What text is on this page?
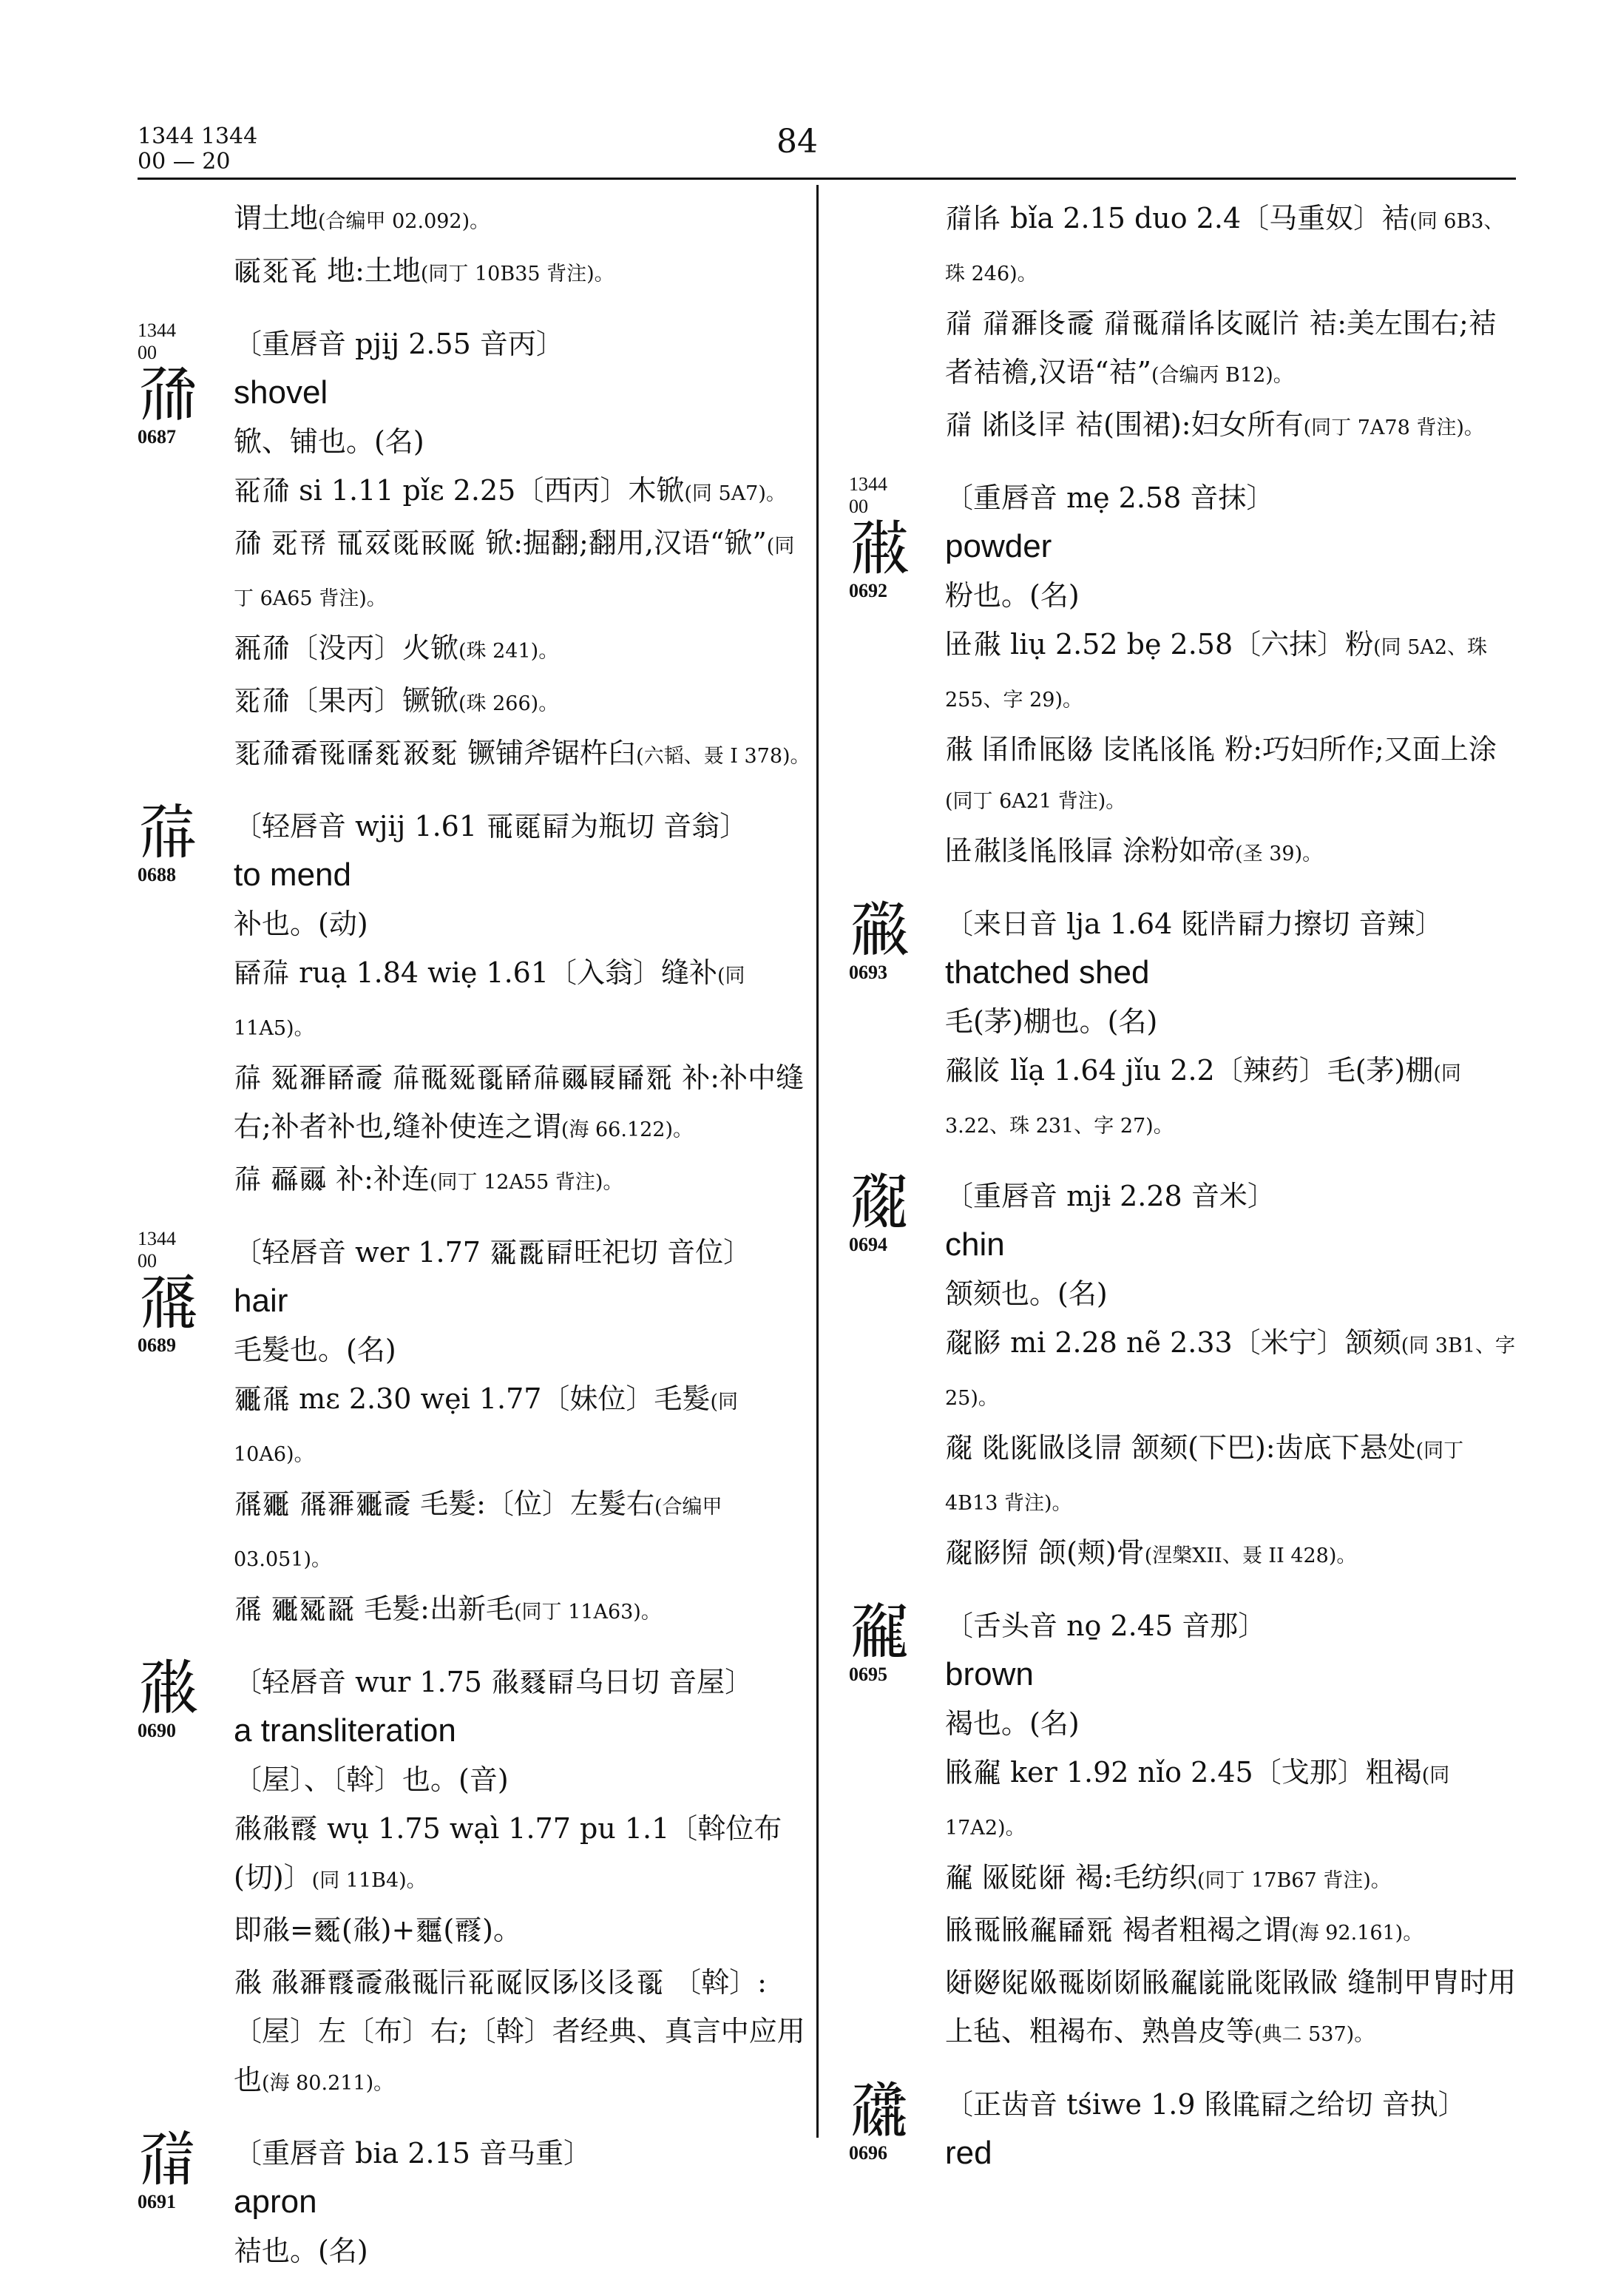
1344 1344
00 — 20
84
谓土地(合编甲 02.092)。
𗀅𗀆𗀇 地:土地(同丁 10B35 背注)。
1344
00
𗗙
0687
〔重唇音 pjịj 2.55 音丙〕
shovel
锨、铺也。(名)
𗀈𗗙 si 1.11 pǐɛ 2.25〔西丙〕木锨(同 5A7)。
𗗙 𗀉𗀊 𗀋𗀌𗀍𗀎𗀏 锨:掘翻;翻用,汉语“锨”(同丁 6A65 背注)。
𗀐𗗙〔没丙〕火锨(珠 241)。
𗀑𗗙〔果丙〕镢锨(珠 266)。
𗀒𗗙𗀓𗀔𗀕𗀖𗀗𗀘 镢铺斧锯杵臼(六韬、聂 I 378)。
𗗚
0688
〔轻唇音 wjij 1.61 𗀙𗀚𗀛为瓶切 音翁〕
to mend
补也。(动)
𗀜𗗚 ruạ 1.84 wiẹ 1.61〔入翁〕缝补(同 11A5)。
𗗚 𗀝𗀞𗀜𗀟 𗗚𗀠𗀝𗀡𗀜𗗚𗀢𗀣𗀤𗀥 补:补中缝右;补者补也,缝补使连之谓(海 66.122)。
𗗚 𗀦𗀢 补:补连(同丁 12A55 背注)。
1344
00
𗗛
0689
〔轻唇音 wer 1.77 𗀧𗀨𗀛旺祀切 音位〕
hair
毛髮也。(名)
𗀩𗗛 mɛ 2.30 wẹi 1.77〔妹位〕毛髮(同 10A6)。
𗗛𗀩 𗗛𗀞𗀩𗀟 毛髮:〔位〕左髮右(合编甲 03.051)。
𗗛 𗀩𗀪𗀫 毛髮:出新毛(同丁 11A63)。
𗗜
0690
〔轻唇音 wur 1.75 𗗜𗀬𗀛乌日切 音屋〕
a transliteration
〔屋〕、〔斡〕也。(音)
𗗜𗗜𗀭 wụ 1.75 wạì 1.77 pu 1.1〔斡位布(切)〕(同 11B4)。
即𗗜=𗀮(𗗜)+𗀯(𗀭)。
𗗜 𗗜𗀞𗀭𗀟𗗜𗀠𗀰𗀈𗀏𗀱𗀲𗀳𗀴𗀡 〔斡〕:〔屋〕左〔布〕右;〔斡〕者经典、真言中应用也(海 80.211)。
𗗝
0691
〔重唇音 bia 2.15 音马重〕
apron
袺也。(名)
𗗝𗀵 bǐa 2.15 duo 2.4〔马重奴〕袺(同 6B3、珠 246)。
𗗝 𗗝𗀞𗀶𗀟 𗗝𗀠𗗝𗀵𗀷𗀏𗀸 袺:美左围右;袺者袺襜,汉语“袺”(合编丙 B12)。
𗗝 𗀹𗀺𗀻 袺(围裙):妇女所有(同丁 7A78 背注)。
1344
00
𗗞
0692
〔重唇音 mẹ 2.58 音抹〕
powder
粉也。(名)
𗀼𗗞 liụ 2.52 bẹ 2.58〔六抹〕粉(同 5A2、珠 255、字 29)。
𗗞 𗀽𗀾𗀿𗁀 𗁁𗁂𗁃𗁄 粉:巧妇所作;又面上涂(同丁 6A21 背注)。
𗀼𗗞𗁅𗁄𗁆𗁇 涂粉如帝(圣 39)。
𗗟
0693
〔来日音 lja 1.64 𗁈𗁉𗀛力擦切 音辣〕
thatched shed
毛(茅)棚也。(名)
𗗟𗁊 lǐạ 1.64 jǐu 2.2〔辣药〕毛(茅)棚(同 3.22、珠 231、字 27)。
𗗠
0694
〔重唇音 mjɨ 2.28 音米〕
chin
颔颏也。(名)
𗗠𗁋 mi 2.28 nẽ 2.33〔米宁〕颔颏(同 3B1、字 25)。
𗗠 𗁌𗁍𗁎𗀺𗁏 颔颏(下巴):齿底下悬处(同丁 4B13 背注)。
𗗠𗁋𗁐 颌(颊)骨(涅槃XII、聂 II 428)。
𗗡
0695
〔舌头音 no̱ 2.45 音那〕
brown
褐也。(名)
𗁑𗗡 ker 1.92 nǐo 2.45〔戈那〕粗褐(同 17A2)。
𗗡 𗁒𗁓𗁔 褐:毛纺织(同丁 17B67 背注)。
𗁑𗀠𗁑𗗡𗀤𗀥 褐者粗褐之谓(海 92.161)。
𗁕𗁖𗁗𗁘𗀠𗁙𗁚𗁑𗗡𗁛𗁜𗁝𗁞𗁟 缝制甲胄时用上毡、粗褐布、熟兽皮等(典二 537)。
𗗢
0696
〔正齿音 tśiwe 1.9 𗁠𗁡𗀛之给切 音执〕
red
